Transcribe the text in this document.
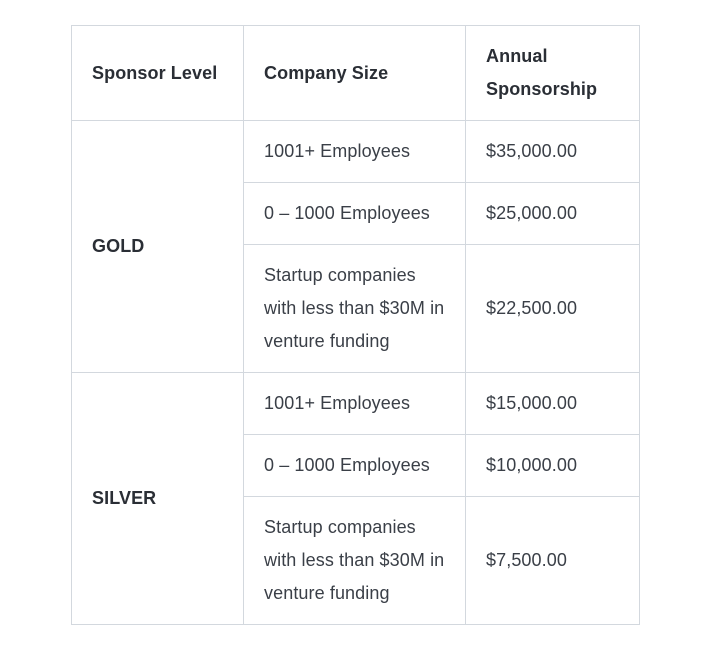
Sponsor Level	Company Size	Annual Sponsorship
GOLD	1001+ Employees	$35,000.00
	0 – 1000 Employees	$25,000.00
	Startup companies with less than $30M in venture funding	$22,500.00
SILVER	1001+ Employees	$15,000.00
	0 – 1000 Employees	$10,000.00
	Startup companies with less than $30M in venture funding	$7,500.00
